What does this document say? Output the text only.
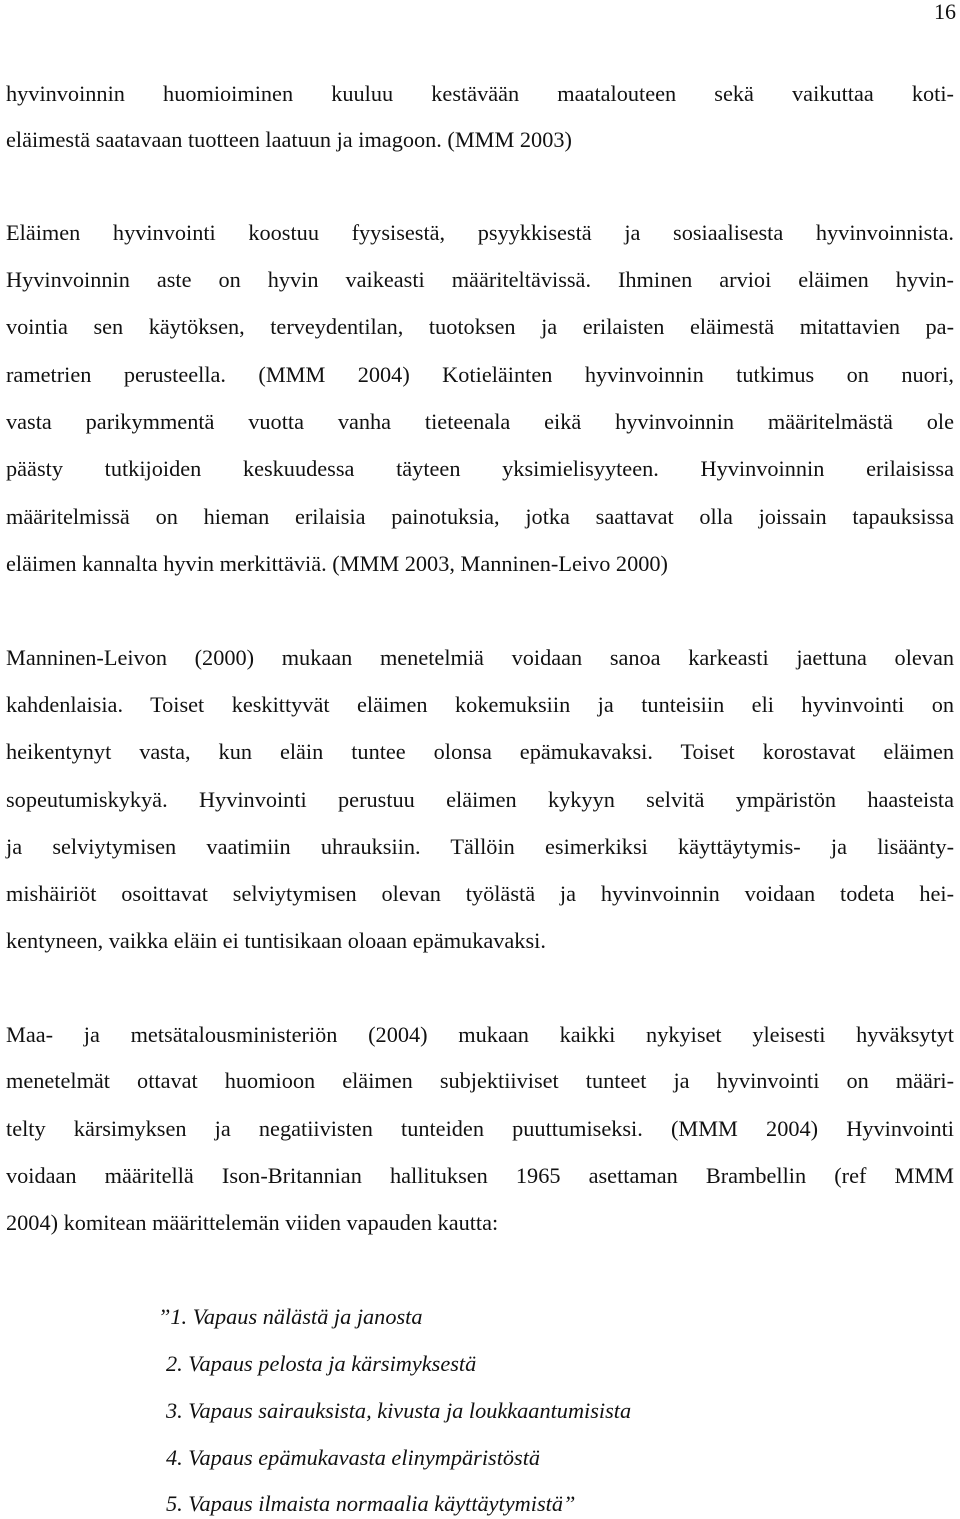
16
hyvinvoinnin huomioiminen kuuluu kestävään maatalouteen sekä vaikuttaa koti-
eläimestä saatavaan tuotteen laatuun ja imagoon. (MMM 2003)
Eläimen hyvinvointi koostuu fyysisestä, psyykkisestä ja sosiaalisesta hyvinvoinnista.
Hyvinvoinnin aste on hyvin vaikeasti määriteltävissä. Ihminen arvioi eläimen hyvin-
vointia sen käytöksen, terveydentilan, tuotoksen ja erilaisten eläimestä mitattavien pa-
rametrien perusteella. (MMM 2004) Kotieläinten hyvinvoinnin tutkimus on nuori,
vasta parikymmentä vuotta vanha tieteenala eikä hyvinvoinnin määritelmästä ole
päästy tutkijoiden keskuudessa täyteen yksimielisyyteen. Hyvinvoinnin erilaisissa
määritelmissä on hieman erilaisia painotuksia, jotka saattavat olla joissain tapauksissa
eläimen kannalta hyvin merkittäviä. (MMM 2003, Manninen-Leivo 2000)
Manninen-Leivon (2000) mukaan menetelmiä voidaan sanoa karkeasti jaettuna olevan
kahdenlaisia. Toiset keskittyvät eläimen kokemuksiin ja tunteisiin eli hyvinvointi on
heikentynyt vasta, kun eläin tuntee olonsa epämukavaksi. Toiset korostavat eläimen
sopeutumiskykyä. Hyvinvointi perustuu eläimen kykyyn selvitä ympäristön haasteista
ja selviytymisen vaatimiin uhrauksiin. Tällöin esimerkiksi käyttäytymis- ja lisäänty-
mishäiriöt osoittavat selviytymisen olevan työlästä ja hyvinvoinnin voidaan todeta hei-
kentyneen, vaikka eläin ei tuntisikaan oloaan epämukavaksi.
Maa- ja metsätalousministeriön (2004) mukaan kaikki nykyiset yleisesti hyväksytyt
menetelmät ottavat huomioon eläimen subjektiiviset tunteet ja hyvinvointi on määri-
telty kärsimyksen ja negatiivisten tunteiden puuttumiseksi. (MMM 2004) Hyvinvointi
voidaan määritellä Ison-Britannian hallituksen 1965 asettaman Brambellin (ref MMM
2004) komitean määrittelemän viiden vapauden kautta:
”1. Vapaus nälästä ja janosta
2. Vapaus pelosta ja kärsimyksestä
3. Vapaus sairauksista, kivusta ja loukkaantumisista
4. Vapaus epämukavasta elinympäristöstä
5. Vapaus ilmaista normaalia käyttäytymistä”
